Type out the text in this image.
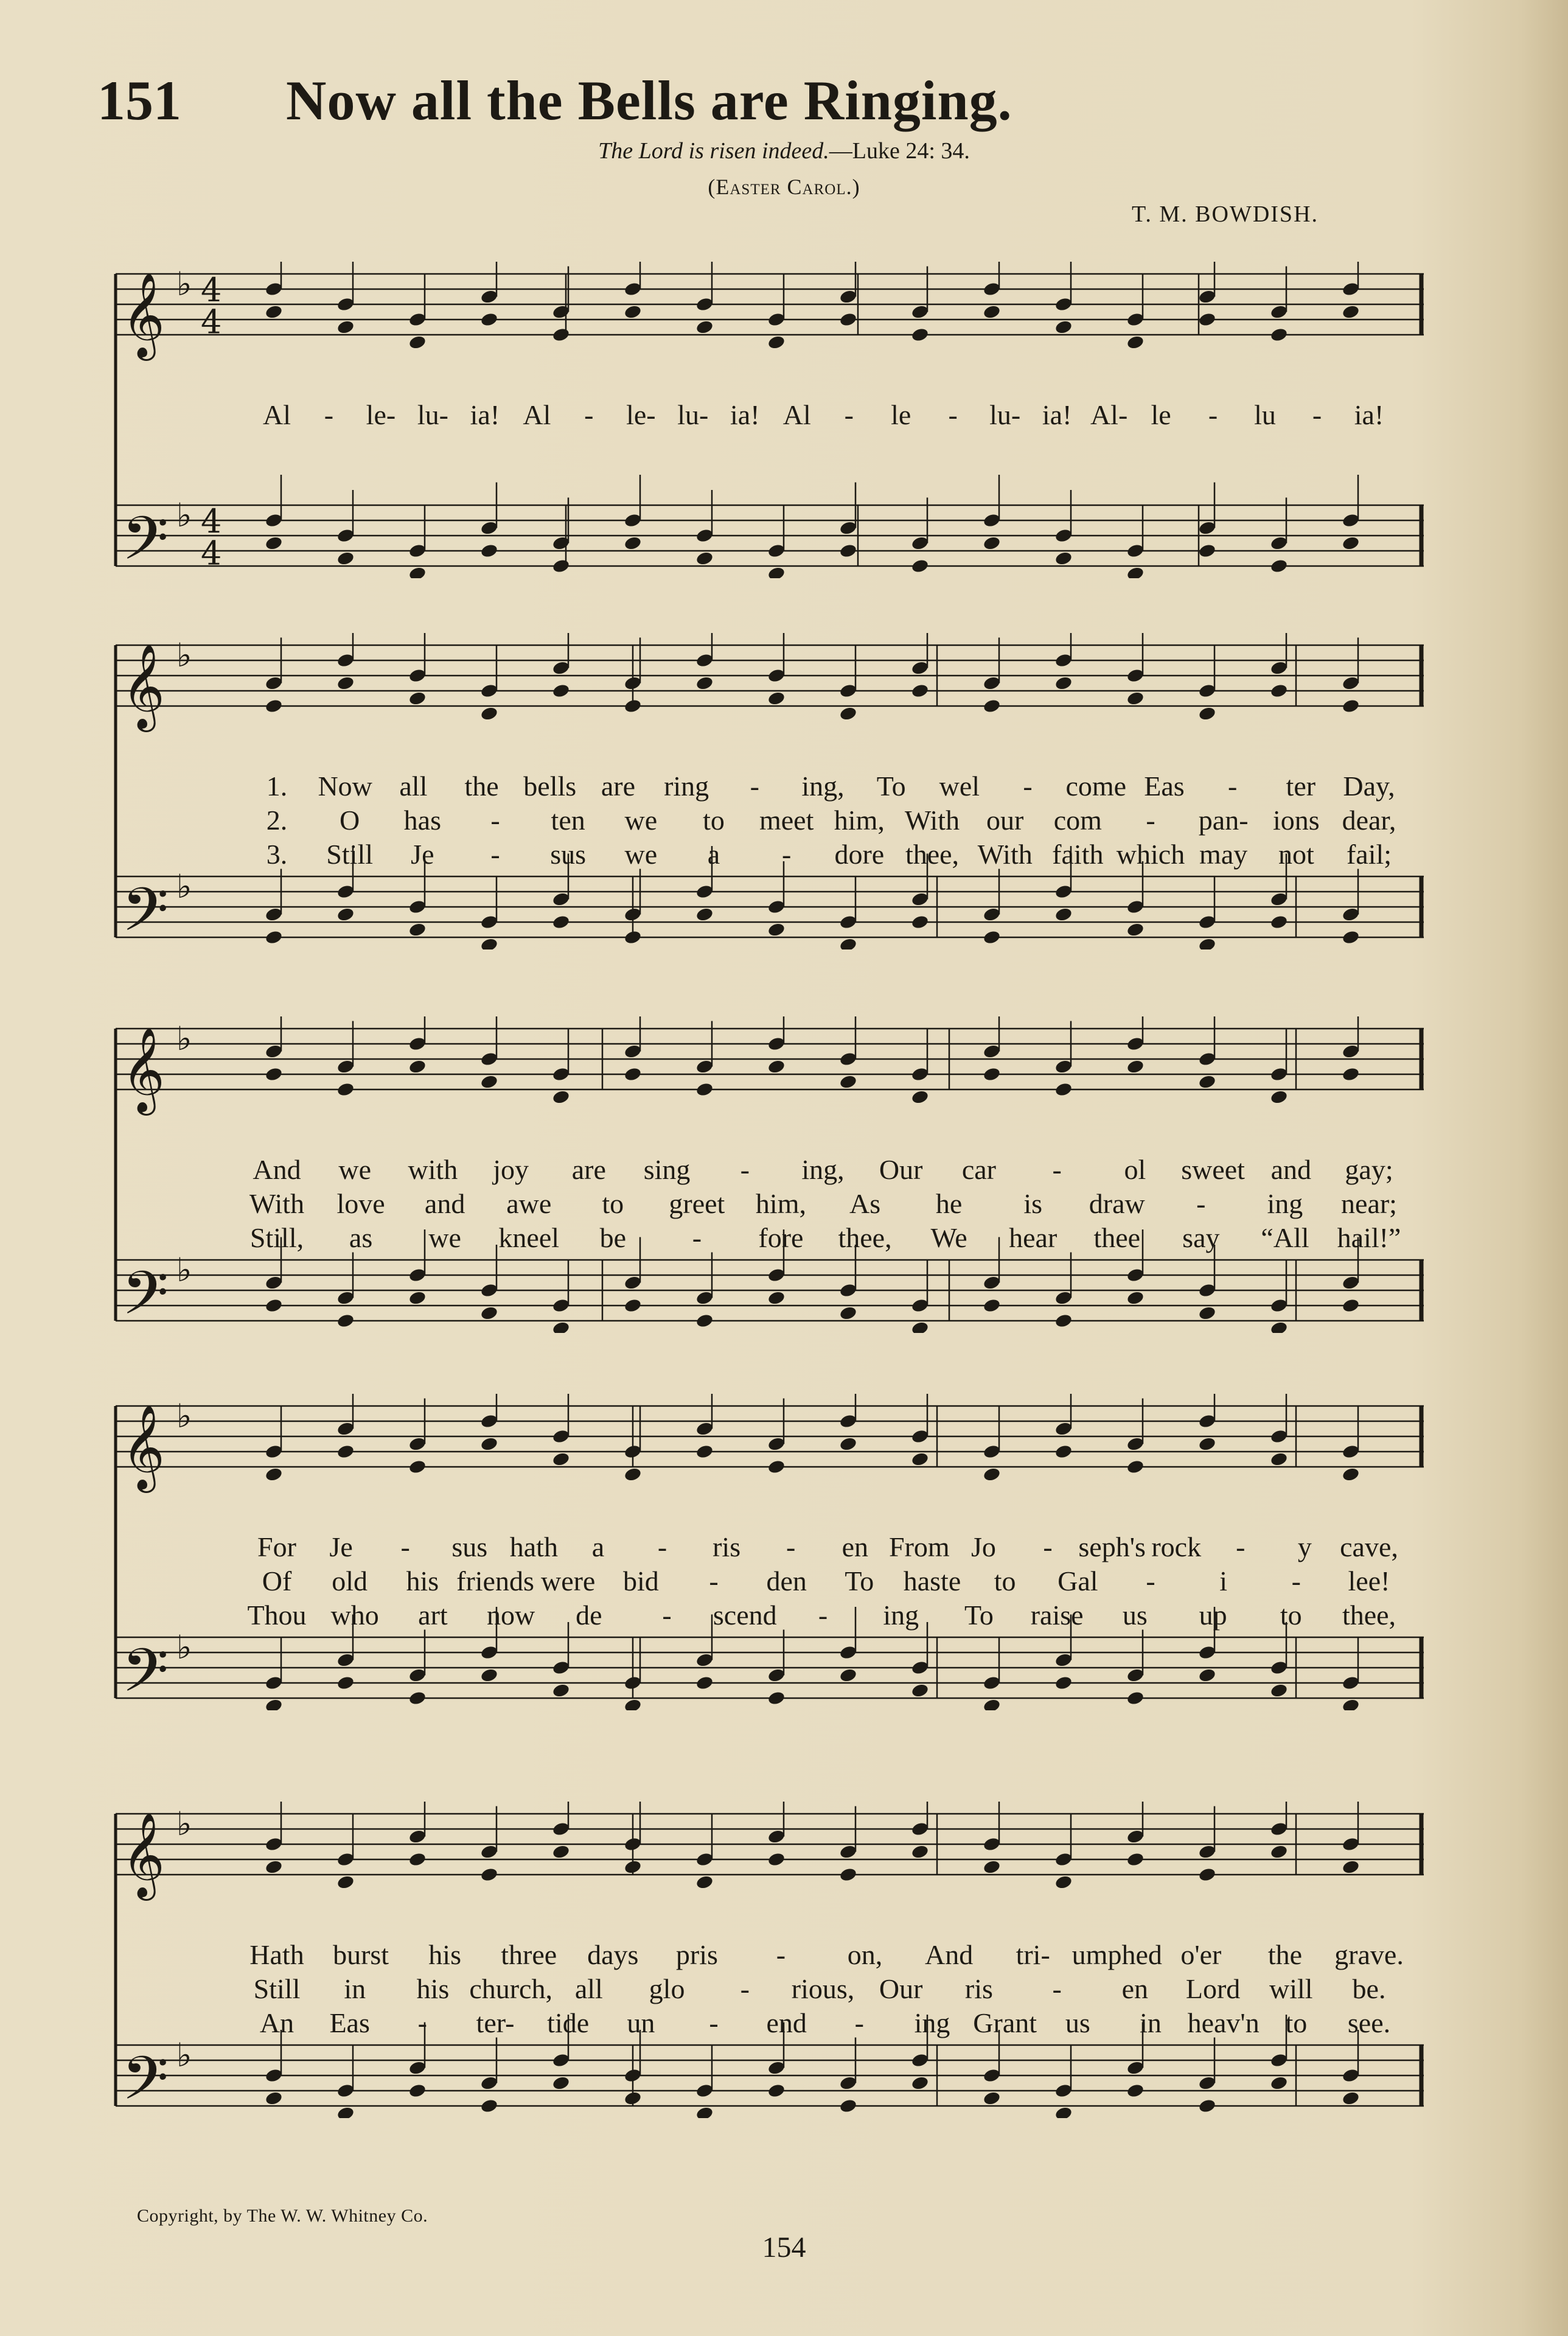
151 Now all the Bells are Ringing.
The Lord is risen indeed.—Luke 24: 34.
(Easter Carol.)
T. M. BOWDISH.
𝄞 ♭ 4
4
𝄢 ♭ 4
4
Al - le- lu- ia! Al - le- lu- ia! Al - le - lu- ia! Al- le - lu - ia!
𝄞 ♭
𝄢 ♭
1. Now all the bells are ring - ing, To wel - come Eas - ter Day,
2. O has - ten we to meet him, With our com - pan- ions dear,
3. Still Je - sus we a - dore thee, With faith which may not fail;
𝄞 ♭
𝄢 ♭
And we with joy are sing - ing, Our car - ol sweet and gay;
With love and awe to greet him, As he is draw - ing near;
Still, as we kneel be - fore thee, We hear thee say “All hail!”
𝄞 ♭
𝄢 ♭
For Je - sus hath a - ris - en From Jo - seph's rock - y cave,
Of old his friends were bid - den To haste to Gal - i - lee!
Thou who art now de - scend - ing To raise us up to thee,
𝄞 ♭
𝄢 ♭
Hath burst his three days pris - on, And tri- umphed o'er the grave.
Still in his church, all glo - rious, Our ris - en Lord will be.
An Eas - ter- tide un - end - ing Grant us in heav'n to see.
Copyright, by The W. W. Whitney Co.
154
